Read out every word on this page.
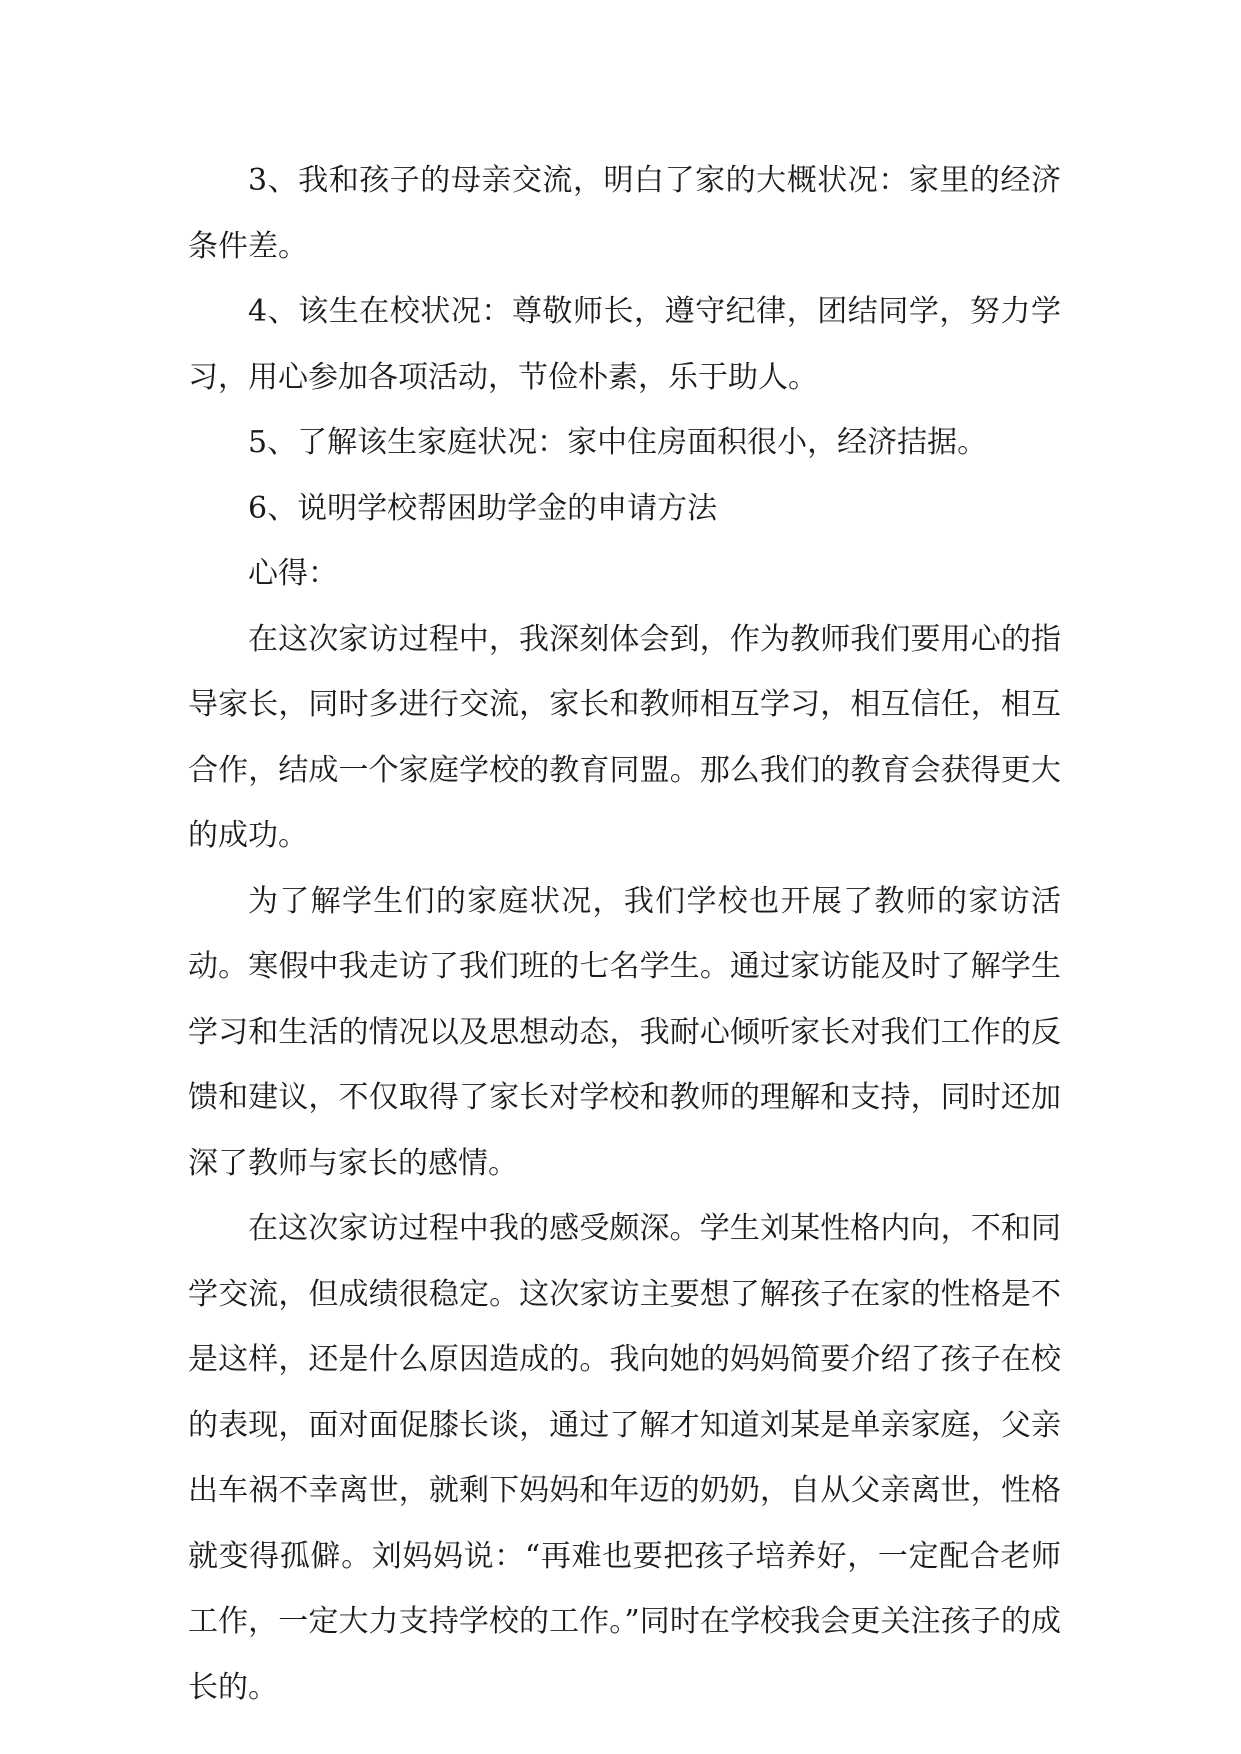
3、我和孩子的母亲交流，明白了家的大概状况：家里的经济条件差。

4、该生在校状况：尊敬师长，遵守纪律，团结同学，努力学习，用心参加各项活动，节俭朴素，乐于助人。

5、了解该生家庭状况：家中住房面积很小，经济拮据。

6、说明学校帮困助学金的申请方法

心得：

在这次家访过程中，我深刻体会到，作为教师我们要用心的指导家长，同时多进行交流，家长和教师相互学习，相互信任，相互合作，结成一个家庭学校的教育同盟。那么我们的教育会获得更大的成功。

为了解学生们的家庭状况，我们学校也开展了教师的家访活动。寒假中我走访了我们班的七名学生。通过家访能及时了解学生学习和生活的情况以及思想动态，我耐心倾听家长对我们工作的反馈和建议，不仅取得了家长对学校和教师的理解和支持，同时还加深了教师与家长的感情。

在这次家访过程中我的感受颇深。学生刘某性格内向，不和同学交流，但成绩很稳定。这次家访主要想了解孩子在家的性格是不是这样，还是什么原因造成的。我向她的妈妈简要介绍了孩子在校的表现，面对面促膝长谈，通过了解才知道刘某是单亲家庭，父亲出车祸不幸离世，就剩下妈妈和年迈的奶奶，自从父亲离世，性格就变得孤僻。刘妈妈说：“再难也要把孩子培养好，一定配合老师工作，一定大力支持学校的工作。”同时在学校我会更关注孩子的成长的。
